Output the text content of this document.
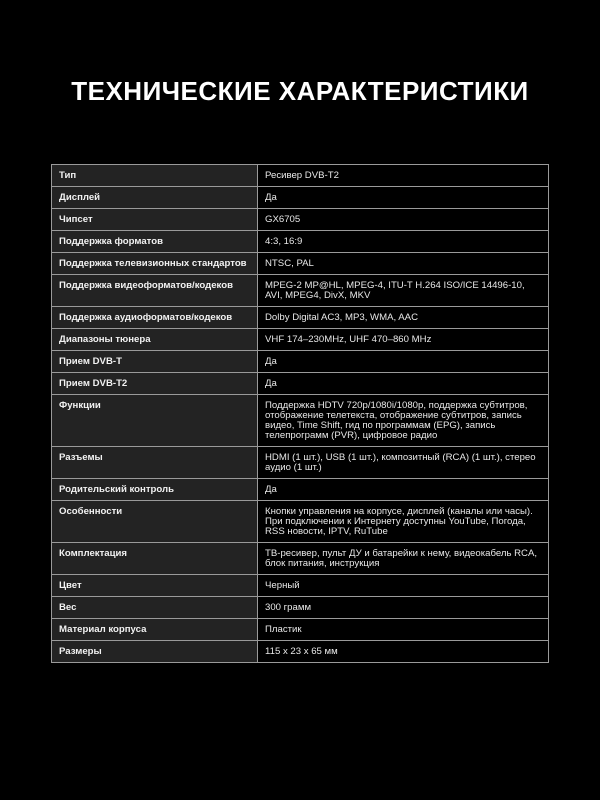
ТЕХНИЧЕСКИЕ ХАРАКТЕРИСТИКИ
Тип	Ресивер DVB-T2
Дисплей	Да
Чипсет	GX6705
Поддержка форматов	4:3, 16:9
Поддержка телевизионных стандартов	NTSC, PAL
Поддержка видеоформатов/кодеков	MPEG-2 MP@HL, MPEG-4, ITU-T H.264 ISO/ICE 14496-10, AVI, MPEG4, DivX, MKV
Поддержка аудиоформатов/кодеков	Dolby Digital AC3, MP3, WMA, AAC
Диапазоны тюнера	VHF 174–230MHz, UHF 470–860 MHz
Прием DVB-T	Да
Прием DVB-T2	Да
Функции	Поддержка HDTV 720p/1080i/1080p, поддержка субтитров, отображение телетекста, отображение субтитров, запись видео, Time Shift, гид по программам (EPG), запись телепрограмм (PVR), цифровое радио
Разъемы	HDMI (1 шт.), USB (1 шт.), композитный (RCA) (1 шт.), стерео аудио (1 шт.)
Родительский контроль	Да
Особенности	Кнопки управления на корпусе, дисплей (каналы или часы). При подключении к Интернету доступны YouTube, Погода, RSS новости, IPTV, RuTube
Комплектация	ТВ-ресивер, пульт ДУ и батарейки к нему, видеокабель RCA, блок питания, инструкция
Цвет	Черный
Вес	300 грамм
Материал корпуса	Пластик
Размеры	115 x 23 x 65 мм
